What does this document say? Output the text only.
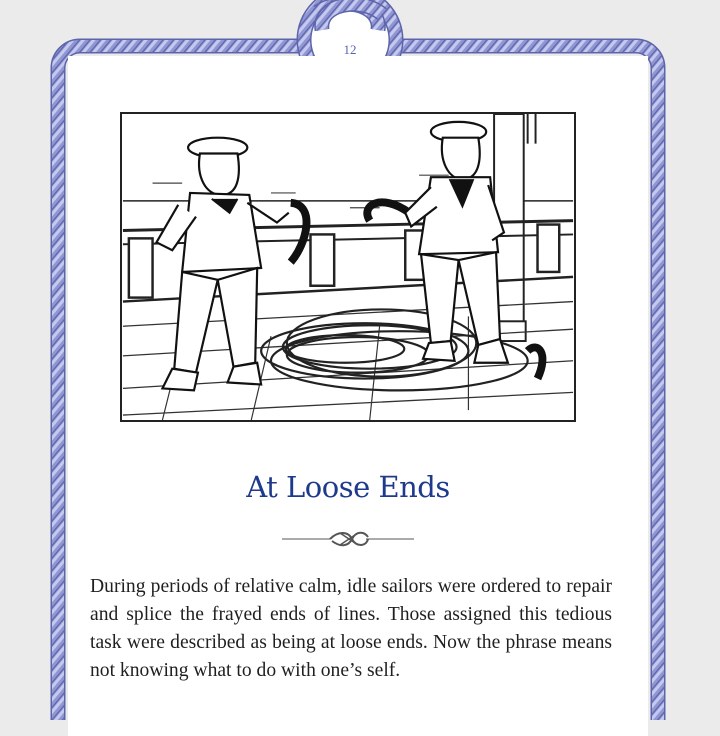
12
At Loose Ends

During periods of relative calm, idle sailors were ordered to repair and splice the frayed ends of lines. Those assigned this tedious task were described as being at loose ends. Now the phrase means not knowing what to do with one’s self.
